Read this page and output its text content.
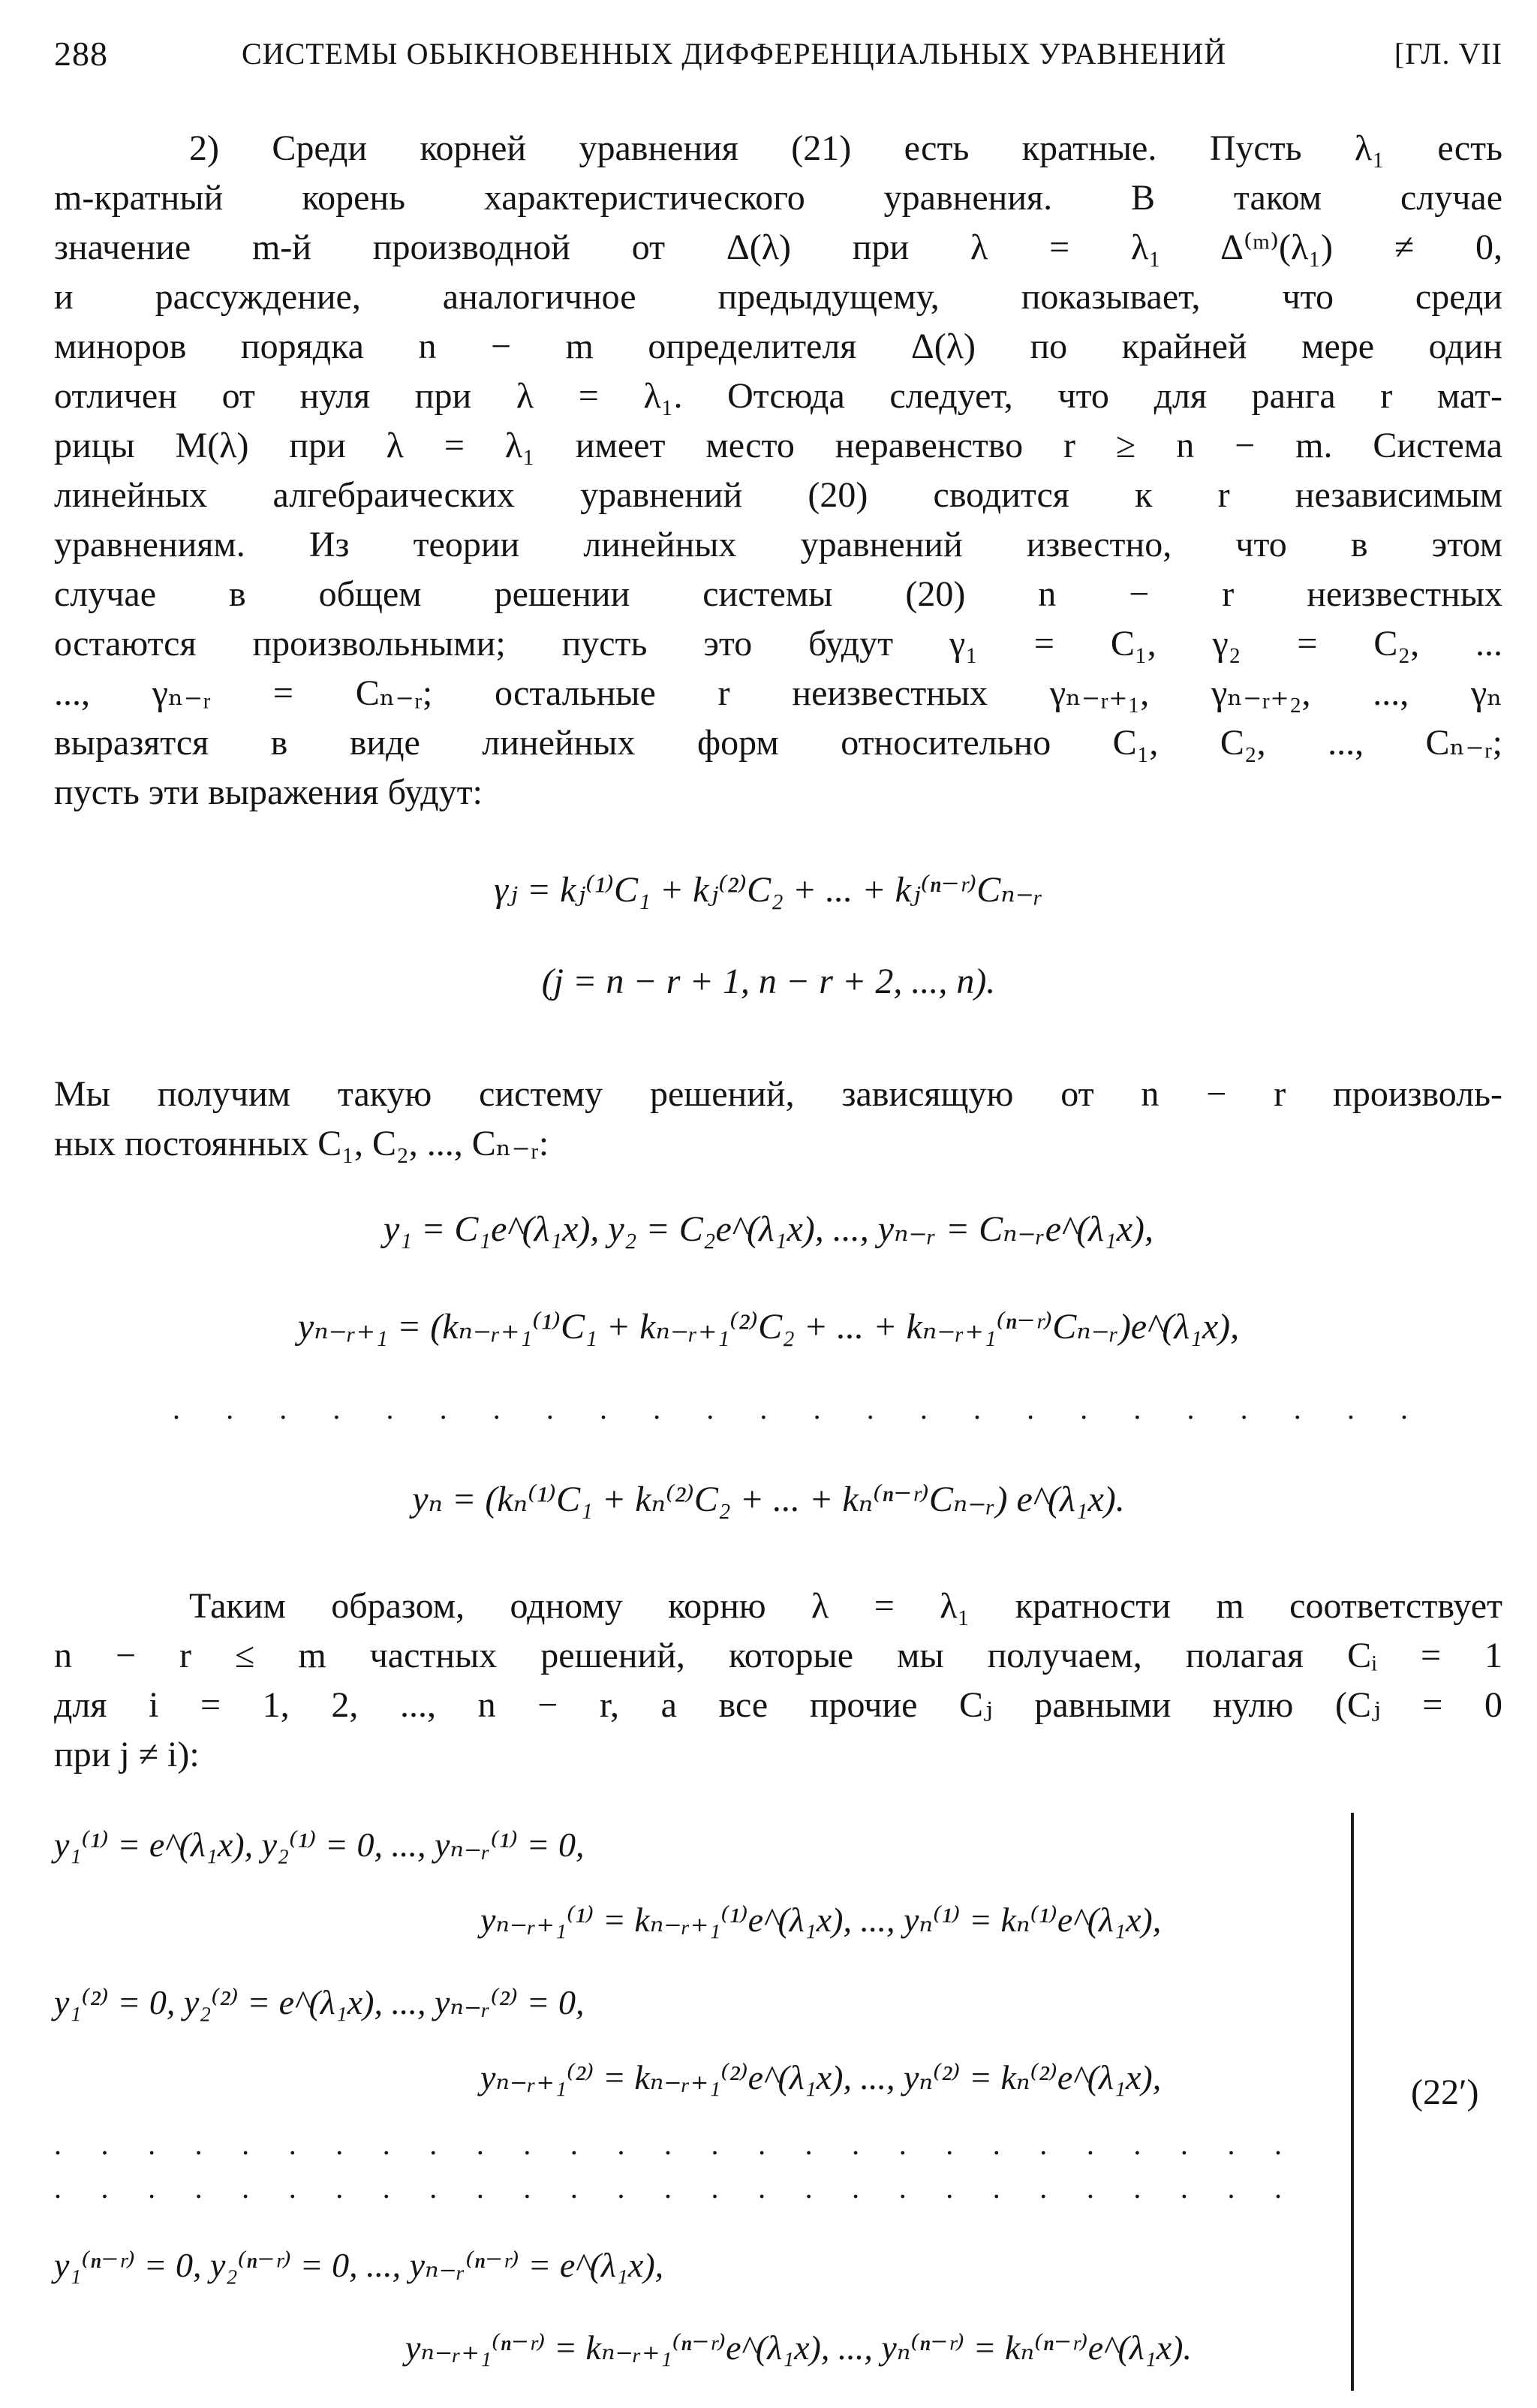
288	СИСТЕМЫ ОБЫКНОВЕННЫХ ДИФФЕРЕНЦИАЛЬНЫХ УРАВНЕНИЙ	[ГЛ. VII
2) Среди корней уравнения (21) есть кратные. Пусть λ₁ есть
m-кратный корень характеристического уравнения. В таком случае
значение m-й производной от Δ(λ) при λ = λ₁ Δ⁽ᵐ⁾(λ₁) ≠ 0,
и рассуждение, аналогичное предыдущему, показывает, что среди
миноров порядка n − m определителя Δ(λ) по крайней мере один
отличен от нуля при λ = λ₁. Отсюда следует, что для ранга r мат-
рицы M(λ) при λ = λ₁ имеет место неравенство r ≥ n − m. Система
линейных алгебраических уравнений (20) сводится к r независимым
уравнениям. Из теории линейных уравнений известно, что в этом
случае в общем решении системы (20) n − r неизвестных
остаются произвольными; пусть это будут γ₁ = C₁, γ₂ = C₂, ...
..., γₙ₋ᵣ = Cₙ₋ᵣ; остальные r неизвестных γₙ₋ᵣ₊₁, γₙ₋ᵣ₊₂, ..., γₙ
выразятся в виде линейных форм относительно C₁, C₂, ..., Cₙ₋ᵣ;
пусть эти выражения будут:
γⱼ = kⱼ⁽¹⁾C₁ + kⱼ⁽²⁾C₂ + ... + kⱼ⁽ⁿ⁻ʳ⁾Cₙ₋ᵣ
(j = n − r + 1, n − r + 2, ..., n).
Мы получим такую систему решений, зависящую от n − r произволь-
ных постоянных C₁, C₂, ..., Cₙ₋ᵣ:
y₁ = C₁e^(λ₁x), y₂ = C₂e^(λ₁x), ..., yₙ₋ᵣ = Cₙ₋ᵣe^(λ₁x),
yₙ₋ᵣ₊₁ = (kₙ₋ᵣ₊₁⁽¹⁾C₁ + kₙ₋ᵣ₊₁⁽²⁾C₂ + ... + kₙ₋ᵣ₊₁⁽ⁿ⁻ʳ⁾Cₙ₋ᵣ)e^(λ₁x),
. . . . . . . . . . . . . . . . . . . . . . . .
yₙ = (kₙ⁽¹⁾C₁ + kₙ⁽²⁾C₂ + ... + kₙ⁽ⁿ⁻ʳ⁾Cₙ₋ᵣ) e^(λ₁x).
Таким образом, одному корню λ = λ₁ кратности m соответствует
n − r ≤ m частных решений, которые мы получаем, полагая Cᵢ = 1
для i = 1, 2, ..., n − r, а все прочие Cⱼ равными нулю (Cⱼ = 0
при j ≠ i):
y₁⁽¹⁾ = e^(λ₁x), y₂⁽¹⁾ = 0, ..., yₙ₋ᵣ⁽¹⁾ = 0,
yₙ₋ᵣ₊₁⁽¹⁾ = kₙ₋ᵣ₊₁⁽¹⁾e^(λ₁x), ..., yₙ⁽¹⁾ = kₙ⁽¹⁾e^(λ₁x),
y₁⁽²⁾ = 0, y₂⁽²⁾ = e^(λ₁x), ..., yₙ₋ᵣ⁽²⁾ = 0,
yₙ₋ᵣ₊₁⁽²⁾ = kₙ₋ᵣ₊₁⁽²⁾e^(λ₁x), ..., yₙ⁽²⁾ = kₙ⁽²⁾e^(λ₁x),
. . . . . . . . . . . . . . . . . . . . . . . . . . .
. . . . . . . . . . . . . . . . . . . . . . . . . . .
y₁⁽ⁿ⁻ʳ⁾ = 0, y₂⁽ⁿ⁻ʳ⁾ = 0, ..., yₙ₋ᵣ⁽ⁿ⁻ʳ⁾ = e^(λ₁x),
yₙ₋ᵣ₊₁⁽ⁿ⁻ʳ⁾ = kₙ₋ᵣ₊₁⁽ⁿ⁻ʳ⁾e^(λ₁x), ..., yₙ⁽ⁿ⁻ʳ⁾ = kₙ⁽ⁿ⁻ʳ⁾e^(λ₁x).
(22′)
